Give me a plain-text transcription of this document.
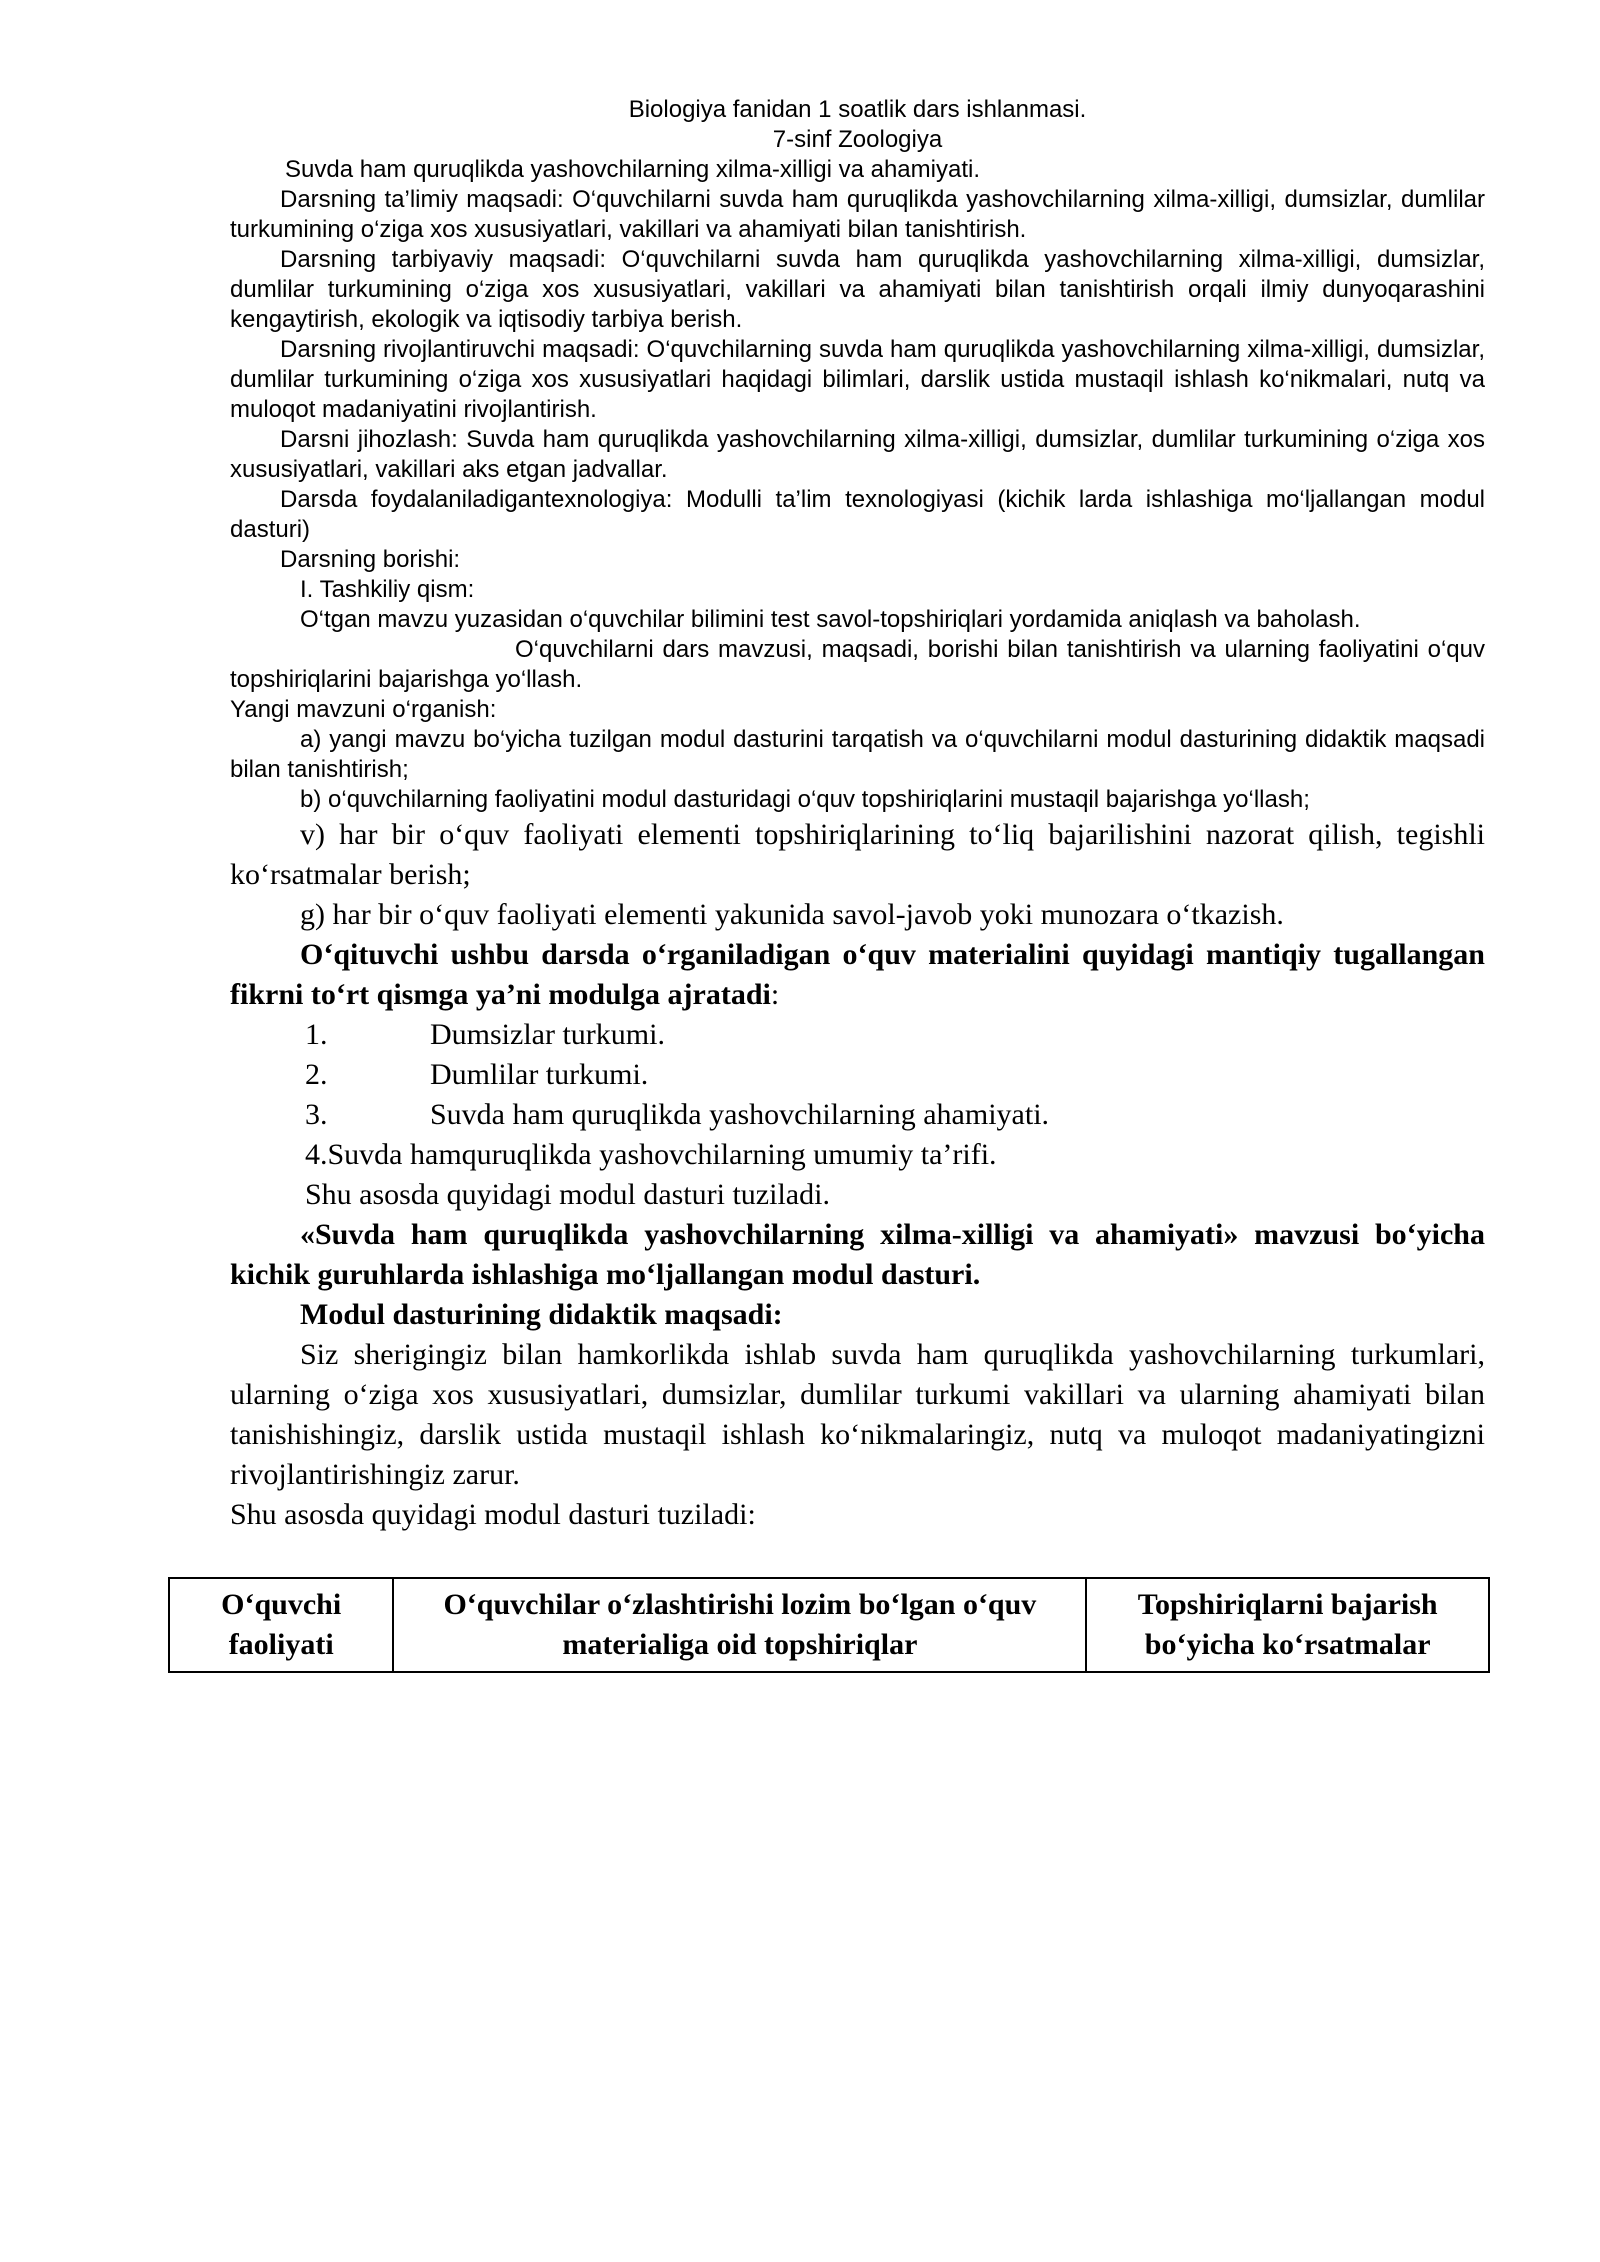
Biologiya fanidan 1 soatlik dars ishlanmasi.

7-sinf Zoologiya

Suvda ham quruqlikda yashovchilarning xilma-xilligi va ahamiyati.

Darsning ta’limiy maqsadi: O‘quvchilarni suvda ham quruqlikda yashovchilarning xilma-xilligi, dumsizlar, dumlilar turkumining o‘ziga xos xususiyatlari, vakillari va ahamiyati bilan tanishtirish.

Darsning tarbiyaviy maqsadi: O‘quvchilarni suvda ham quruqlikda yashovchilarning xilma-xilligi, dumsizlar, dumlilar turkumining o‘ziga xos xususiyatlari, vakillari va ahamiyati bilan tanishtirish orqali ilmiy dunyoqarashini kengaytirish, ekologik va iqtisodiy tarbiya berish.

Darsning rivojlantiruvchi maqsadi: O‘quvchilarning suvda ham quruqlikda yashovchilarning xilma-xilligi, dumsizlar, dumlilar turkumining o‘ziga xos xususiyatlari haqidagi bilimlari, darslik ustida mustaqil ishlash ko‘nikmalari, nutq va muloqot madaniyatini rivojlantirish.

Darsni jihozlash: Suvda ham quruqlikda yashovchilarning xilma-xilligi, dumsizlar, dumlilar turkumining o‘ziga xos xususiyatlari, vakillari aks etgan jadvallar.

Darsda foydalaniladigantexnologiya: Modulli ta’lim texnologiyasi (kichik larda ishlashiga mo‘ljallangan modul dasturi)

Darsning borishi:

I. Tashkiliy qism:

O‘tgan mavzu yuzasidan o‘quvchilar bilimini test savol-topshiriqlari yordamida aniqlash va baholash.

O‘quvchilarni dars mavzusi, maqsadi, borishi bilan tanishtirish va ularning faoliyatini o‘quv topshiriqlarini bajarishga yo‘llash.

Yangi mavzuni o‘rganish:

a) yangi mavzu bo‘yicha tuzilgan modul dasturini tarqatish va o‘quvchilarni modul dasturining didaktik maqsadi bilan tanishtirish;

b) o‘quvchilarning faoliyatini modul dasturidagi o‘quv topshiriqlarini mustaqil bajarishga yo‘llash;

v) har bir o‘quv faoliyati elementi topshiriqlarining to‘liq bajarilishini nazorat qilish, tegishli ko‘rsatmalar berish;

g) har bir o‘quv faoliyati elementi yakunida savol-javob yoki munozara o‘tkazish.

O‘qituvchi ushbu darsda o‘rganiladigan o‘quv materialini quyidagi mantiqiy tugallangan fikrni to‘rt qismga ya’ni modulga ajratadi:

1.	Dumsizlar turkumi.

2.	Dumlilar turkumi.

3.	Suvda ham quruqlikda yashovchilarning ahamiyati.

4.Suvda hamquruqlikda yashovchilarning umumiy ta’rifi.

Shu asosda quyidagi modul dasturi tuziladi.

«Suvda ham quruqlikda yashovchilarning xilma-xilligi va ahamiyati» mavzusi bo‘yicha kichik guruhlarda ishlashiga mo‘ljallangan modul dasturi.

Modul dasturining didaktik maqsadi:

Siz sherigingiz bilan hamkorlikda ishlab suvda ham quruqlikda yashovchilarning turkumlari, ularning o‘ziga xos xususiyatlari, dumsizlar, dumlilar turkumi vakillari va ularning ahamiyati bilan tanishishingiz, darslik ustida mustaqil ishlash ko‘nikmalaringiz, nutq va muloqot madaniyatingizni rivojlantirishingiz zarur.

Shu asosda quyidagi modul dasturi tuziladi:

O‘quvchi faoliyati	O‘quvchilar o‘zlashtirishi lozim bo‘lgan o‘quv materialiga oid topshiriqlar	Topshiriqlarni bajarish bo‘yicha ko‘rsatmalar
